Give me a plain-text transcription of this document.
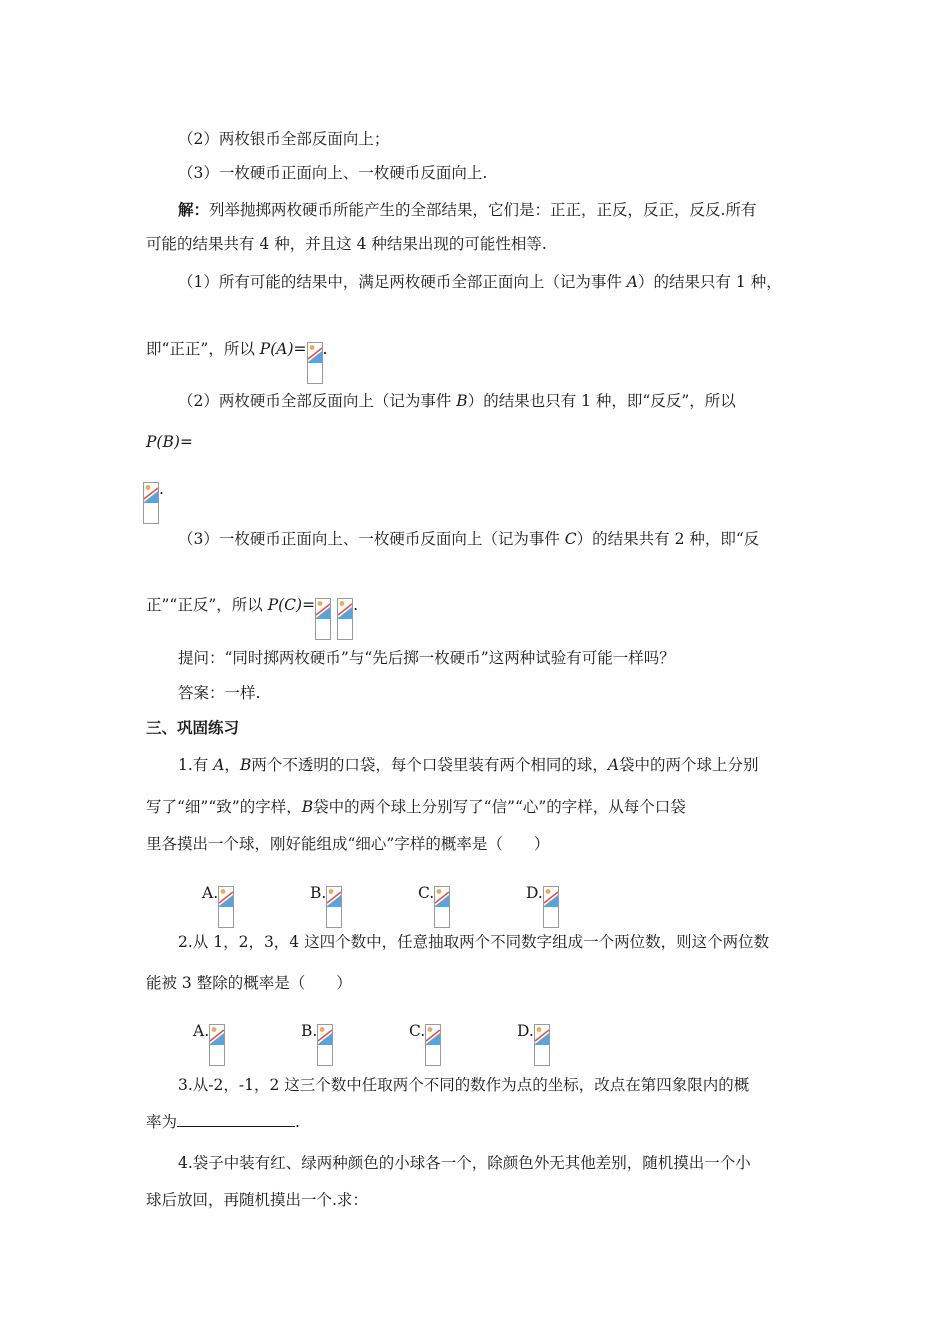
（2）两枚银币全部反面向上；
（3）一枚硬币正面向上、一枚硬币反面向上.
解：列举抛掷两枚硬币所能产生的全部结果，它们是：正正，正反，反正，反反.所有
可能的结果共有 4 种，并且这 4 种结果出现的可能性相等.
（1）所有可能的结果中，满足两枚硬币全部正面向上（记为事件 A）的结果只有 1 种，
即“正正”，所以 P(A)= .
（2）两枚硬币全部反面向上（记为事件 B）的结果也只有 1 种，即“反反”，所以
P(B)=
.
（3）一枚硬币正面向上、一枚硬币反面向上（记为事件 C）的结果共有 2 种，即“反
正”“正反”，所以 P(C)= .
提问：“同时掷两枚硬币”与“先后掷一枚硬币”这两种试验有可能一样吗？
答案：一样.
三、巩固练习
1.有 A，B两个不透明的口袋，每个口袋里装有两个相同的球，A袋中的两个球上分别
写了“细”“致”的字样，B袋中的两个球上分别写了“信”“心”的字样，从每个口袋
里各摸出一个球，刚好能组成“细心”字样的概率是（　　）
A.	B.	C.	D.
2.从 1，2，3，4 这四个数中，任意抽取两个不同数字组成一个两位数，则这个两位数
能被 3 整除的概率是（　　）
A.	B.	C.	D.
3.从-2，-1，2 这三个数中任取两个不同的数作为点的坐标，改点在第四象限内的概
率为	.
4.袋子中装有红、绿两种颜色的小球各一个，除颜色外无其他差别，随机摸出一个小
球后放回，再随机摸出一个.求：
